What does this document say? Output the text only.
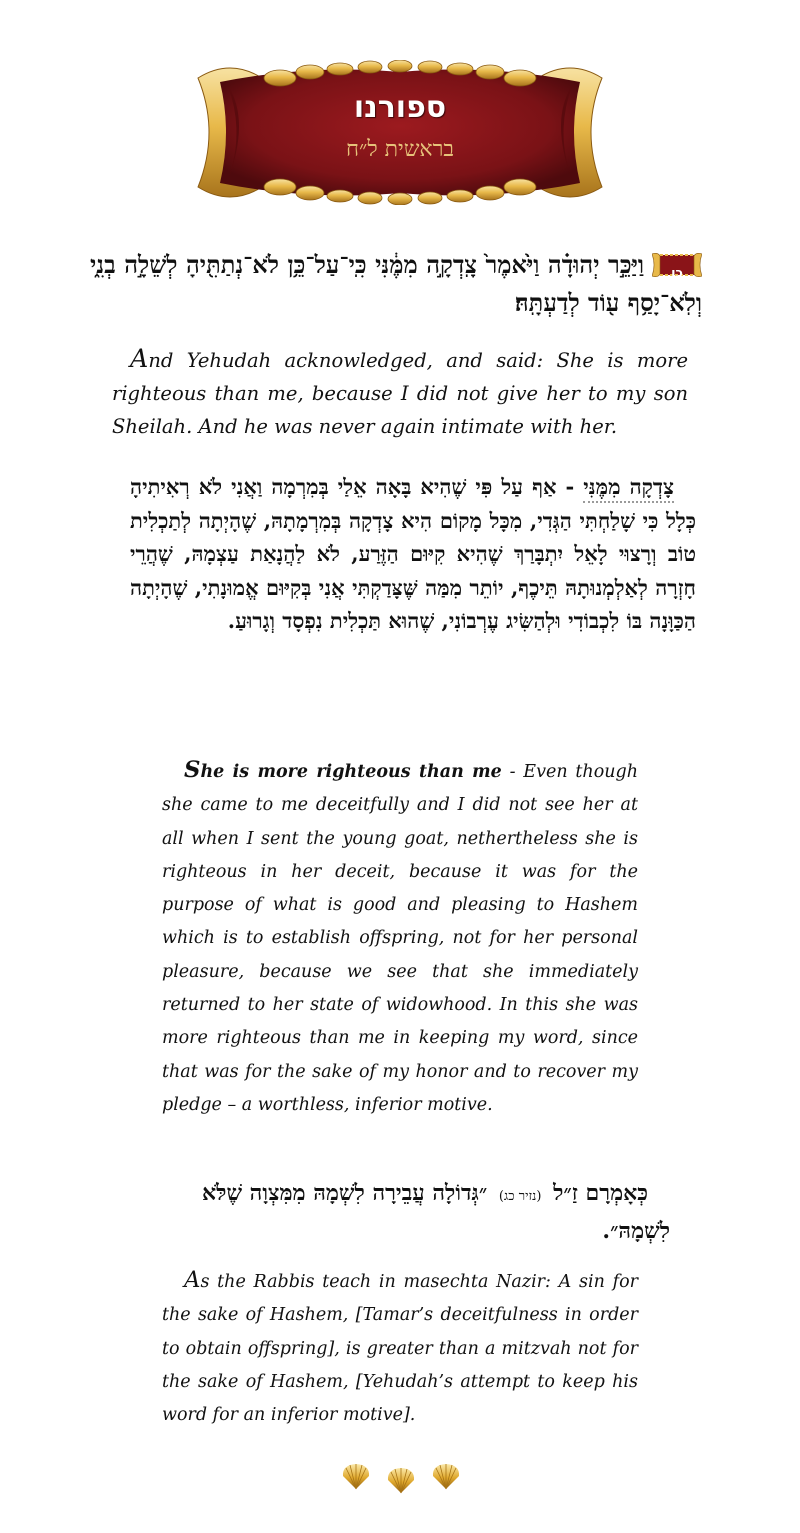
ספורנו
בראשית ל״ח
כו
וַיַּכֵּ֣ר יְהוּדָ֗ה וַיֹּ֙אמֶר֙ צָֽדְקָ֣ה מִמֶּ֔נִּי כִּֽי־עַל־כֵּ֥ן לֹא־נְתַתִּ֖יהָ לְשֵׁלָ֣ה בְנִ֑י וְלֹֽא־יָסַ֥ף ע֖וֹד לְדַעְתָּֽהּ׃
And Yehudah acknowledged, and said: She is more righteous than me, because I did not give her to my son Sheilah. And he was never again intimate with her.
צָדְקָה מִמֶּנִּי - אַף עַל פִּי שֶׁהִיא בָּאָה אֵלַי בְּמִרְמָה וַאֲנִי לֹא רְאִיתִיהָ כְּלָל כִּי שָׁלַחְתִּי הַגְּדִי, מִכָּל מָקוֹם הִיא צָדְקָה בְּמִרְמָתָהּ, שֶׁהָיְתָה לְתַכְלִית טוֹב וְרָצוּי לָאֵל יִתְבָּרַךְ שֶׁהִיא קִיּוּם הַזֶּרַע, לֹא לַהֲנָאַת עַצְמָהּ, שֶׁהֲרֵי חָזְרָה לְאַלְמְנוּתָהּ תֵּיכֶף, יוֹתֵר מִמַּה שֶּׁצָּדַקְתִּי אֲנִי בְּקִיּוּם אֱמוּנָתִי, שֶׁהָיְתָה הַכַּוָּנָה בּוֹ לִכְבוֹדִי וּלְהַשִּׂיג עֶרְבוֹנִי, שֶׁהוּא תַּכְלִית נִפְסָד וְגָרוּעַ.
She is more righteous than me - Even though she came to me deceitfully and I did not see her at all when I sent the young goat, nethertheless she is righteous in her deceit, because it was for the purpose of what is good and pleasing to Hashem which is to establish offspring, not for her personal pleasure, because we see that she immediately returned to her state of widowhood. In this she was more righteous than me in keeping my word, since that was for the sake of my honor and to recover my pledge – a worthless, inferior motive.
כְּאָמְרָם זַ״ל (נזיר כג) ״גְּדוֹלָה עֲבֵירָה לִשְׁמָהּ מִמִּצְוָה שֶׁלֹּא לִשְׁמָהּ״.
As the Rabbis teach in masechta Nazir: A sin for the sake of Hashem, [Tamar’s deceitfulness in order to obtain offspring], is greater than a mitzvah not for the sake of Hashem, [Yehudah’s attempt to keep his word for an inferior motive].
